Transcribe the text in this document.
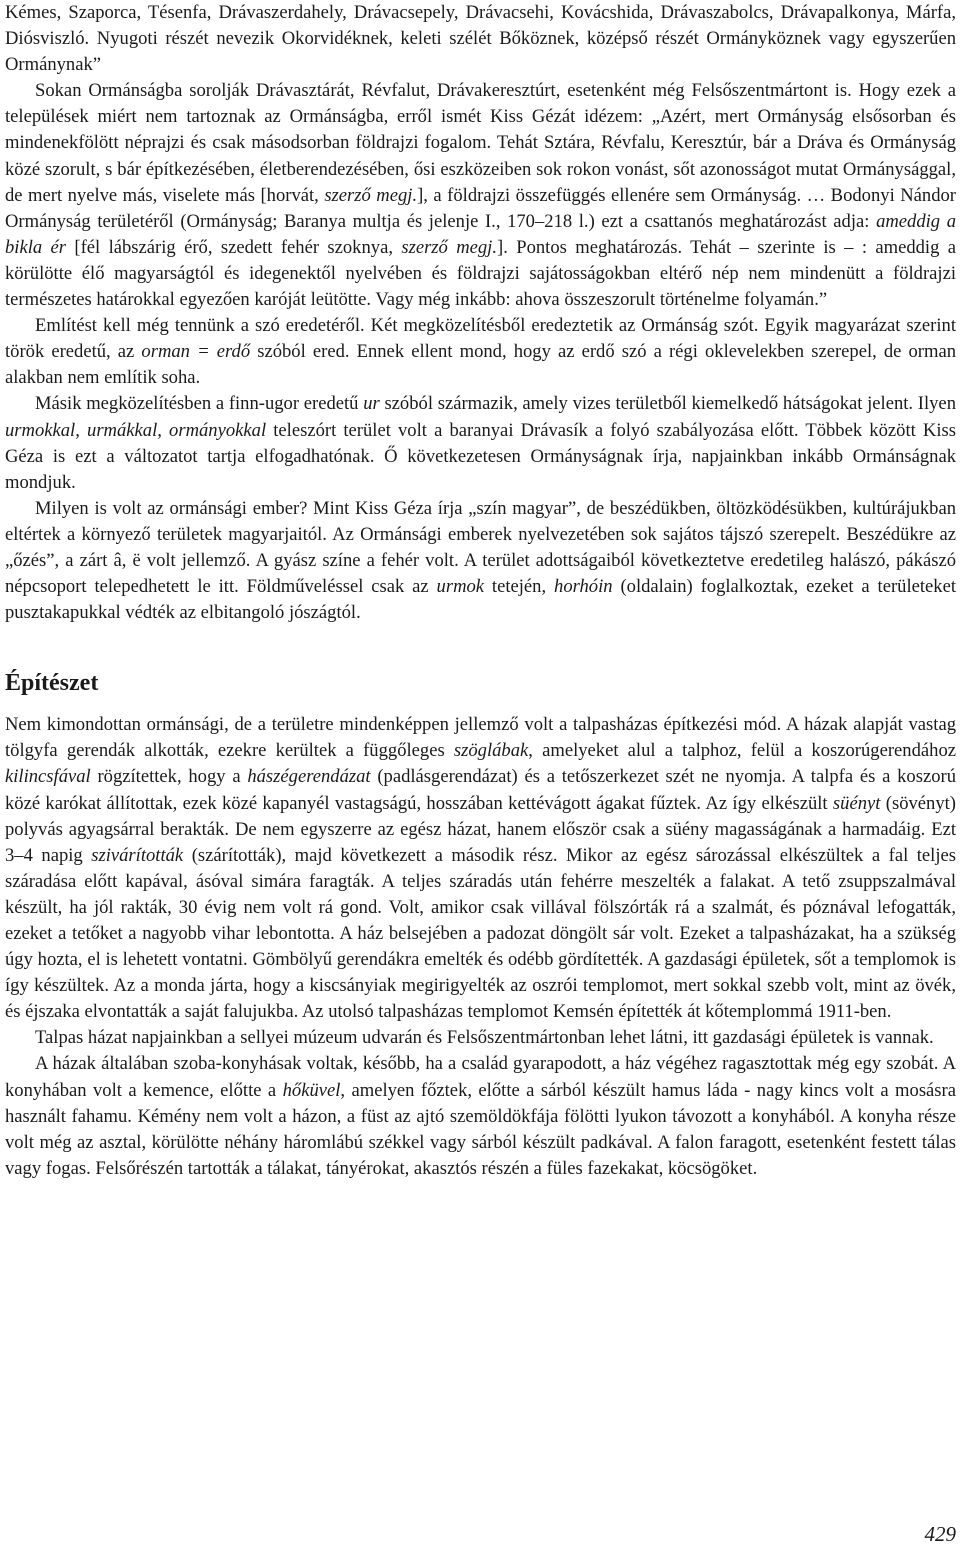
Kémes, Szaporca, Tésenfa, Drávaszerdahely, Drávacsepely, Drávacsehi, Kovácshida, Drávaszabolcs, Drávapalkonya, Márfa, Diósviszló. Nyugoti részét nevezik Okorvidéknek, keleti szélét Bőköznek, középső részét Ormányköznek vagy egyszerűen Ormánynak”

Sokan Ormánságba sorolják Drávasztárát, Révfalut, Drávakeresztúrt, esetenként még Felsőszentmártont is. Hogy ezek a települések miért nem tartoznak az Ormánságba, erről ismét Kiss Gézát idézem: „Azért, mert Ormányság elsősorban és mindenekfölött néprajzi és csak másodsorban földrajzi fogalom. Tehát Sztára, Révfalu, Keresztúr, bár a Dráva és Ormányság közé szorult, s bár építkezésében, életberendezésében, ősi eszközeiben sok rokon vonást, sőt azonosságot mutat Ormánysággal, de mert nyelve más, viselete más [horvát, szerző megj.], a földrajzi összefüggés ellenére sem Ormányság. … Bodonyi Nándor Ormányság területéről (Ormányság; Baranya multja és jelenje I., 170–218 l.) ezt a csattanós meghatározást adja: ameddig a bikla ér [fél lábszárig érő, szedett fehér szoknya, szerző megj.]. Pontos meghatározás. Tehát – szerinte is – : ameddig a körülötte élő magyarságtól és idegenektől nyelvében és földrajzi sajátosságokban eltérő nép nem mindenütt a földrajzi természetes határokkal egyezően karóját leütötte. Vagy még inkább: ahova összeszorult történelme folyamán.”

Említést kell még tennünk a szó eredetéről. Két megközelítésből eredeztetik az Ormánság szót. Egyik magyarázat szerint török eredetű, az orman = erdő szóból ered. Ennek ellent mond, hogy az erdő szó a régi oklevelekben szerepel, de orman alakban nem említik soha.

Másik megközelítésben a finn-ugor eredetű ur szóból származik, amely vizes területből kiemelkedő hátságokat jelent. Ilyen urmokkal, urmákkal, ormányokkal teleszórt terület volt a baranyai Drávasík a folyó szabályozása előtt. Többek között Kiss Géza is ezt a változatot tartja elfogadhatónak. Ő következetesen Ormányságnak írja, napjainkban inkább Ormánságnak mondjuk.

Milyen is volt az ormánsági ember? Mint Kiss Géza írja „szín magyar”, de beszédükben, öltözködésükben, kultúrájukban eltértek a környező területek magyarjaitól. Az Ormánsági emberek nyelvezetében sok sajátos tájszó szerepelt. Beszédükre az „őzés”, a zárt â, ë volt jellemző. A gyász színe a fehér volt. A terület adottságaiból következtetve eredetileg halászó, pákászó népcsoport telepedhetett le itt. Földműveléssel csak az urmok tetején, horhóin (oldalain) foglalkoztak, ezeket a területeket pusztakapukkal védték az elbitangoló jószágtól.

Építészet

Nem kimondottan ormánsági, de a területre mindenképpen jellemző volt a talpasházas építkezési mód. A házak alapját vastag tölgyfa gerendák alkották, ezekre kerültek a függőleges szöglábak, amelyeket alul a talphoz, felül a koszorúgerendához kilincsfával rögzítettek, hogy a hászégerendázat (padlásgerendázat) és a tetőszerkezet szét ne nyomja. A talpfa és a koszorú közé karókat állítottak, ezek közé kapanyél vastagságú, hosszában kettévágott ágakat fűztek. Az így elkészült süényt (sövényt) polyvás agyagsárral berakták. De nem egyszerre az egész házat, hanem először csak a süény magasságának a harmadáig. Ezt 3–4 napig szivárították (szárították), majd következett a második rész. Mikor az egész sározással elkészültek a fal teljes száradása előtt kapával, ásóval simára faragták. A teljes száradás után fehérre meszelték a falakat. A tető zsuppszalmával készült, ha jól rakták, 30 évig nem volt rá gond. Volt, amikor csak villával fölszórták rá a szalmát, és póznával lefogatták, ezeket a tetőket a nagyobb vihar lebontotta. A ház belsejében a padozat döngölt sár volt. Ezeket a talpasházakat, ha a szükség úgy hozta, el is lehetett vontatni. Gömbölyű gerendákra emelték és odébb gördítették. A gazdasági épületek, sőt a templomok is így készültek. Az a monda járta, hogy a kiscsányiak megirigyelték az oszrói templomot, mert sokkal szebb volt, mint az övék, és éjszaka elvontatták a saját falujukba. Az utolsó talpasházas templomot Kemsén építették át kőtemplommá 1911-ben.

Talpas házat napjainkban a sellyei múzeum udvarán és Felsőszentmártonban lehet látni, itt gazdasági épületek is vannak.

A házak általában szoba-konyhásak voltak, később, ha a család gyarapodott, a ház végéhez ragasztottak még egy szobát. A konyhában volt a kemence, előtte a hőküvel, amelyen főztek, előtte a sárból készült hamus láda - nagy kincs volt a mosásra használt fahamu. Kémény nem volt a házon, a füst az ajtó szemöldökfája fölötti lyukon távozott a konyhából. A konyha része volt még az asztal, körülötte néhány háromlábú székkel vagy sárból készült padkával. A falon faragott, esetenként festett tálas vagy fogas. Felsőrészén tartották a tálakat, tányérokat, akasztós részén a füles fazekakat, köcsögöket.

429
